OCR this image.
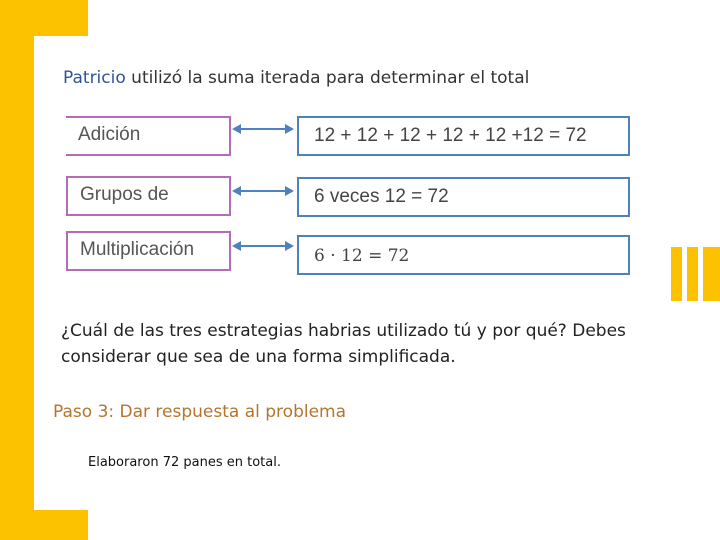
Patricio utilizó la suma iterada para determinar el total
Adición	12 + 12 + 12 + 12 + 12 +12 = 72
Grupos de	6 veces 12 = 72
Multiplicación	6 · 12 = 72
¿Cuál de las tres estrategias habrias utilizado tú y por qué? Debes considerar que sea de una forma simplificada.
Paso 3: Dar respuesta al problema
Elaboraron 72 panes en total.
